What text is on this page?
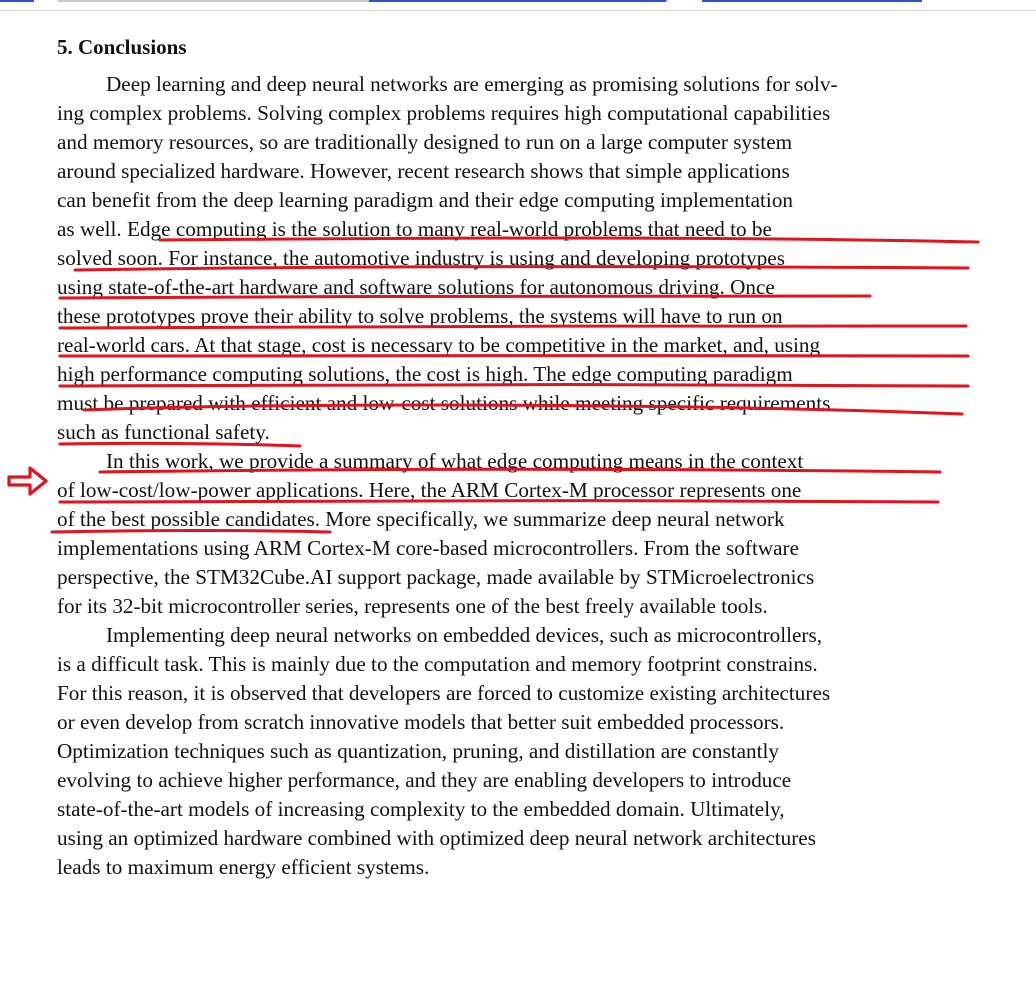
5. Conclusions
Deep learning and deep neural networks are emerging as promising solutions for solv-
ing complex problems. Solving complex problems requires high computational capabilities
and memory resources, so are traditionally designed to run on a large computer system
around specialized hardware. However, recent research shows that simple applications
can benefit from the deep learning paradigm and their edge computing implementation
as well. Edge computing is the solution to many real-world problems that need to be
solved soon. For instance, the automotive industry is using and developing prototypes
using state-of-the-art hardware and software solutions for autonomous driving. Once
these prototypes prove their ability to solve problems, the systems will have to run on
real-world cars. At that stage, cost is necessary to be competitive in the market, and, using
high performance computing solutions, the cost is high. The edge computing paradigm
must be prepared with efficient and low-cost solutions while meeting specific requirements
such as functional safety.
In this work, we provide a summary of what edge computing means in the context
of low-cost/low-power applications. Here, the ARM Cortex-M processor represents one
of the best possible candidates. More specifically, we summarize deep neural network
implementations using ARM Cortex-M core-based microcontrollers. From the software
perspective, the STM32Cube.AI support package, made available by STMicroelectronics
for its 32-bit microcontroller series, represents one of the best freely available tools.
Implementing deep neural networks on embedded devices, such as microcontrollers,
is a difficult task. This is mainly due to the computation and memory footprint constrains.
For this reason, it is observed that developers are forced to customize existing architectures
or even develop from scratch innovative models that better suit embedded processors.
Optimization techniques such as quantization, pruning, and distillation are constantly
evolving to achieve higher performance, and they are enabling developers to introduce
state-of-the-art models of increasing complexity to the embedded domain. Ultimately,
using an optimized hardware combined with optimized deep neural network architectures
leads to maximum energy efficient systems.
